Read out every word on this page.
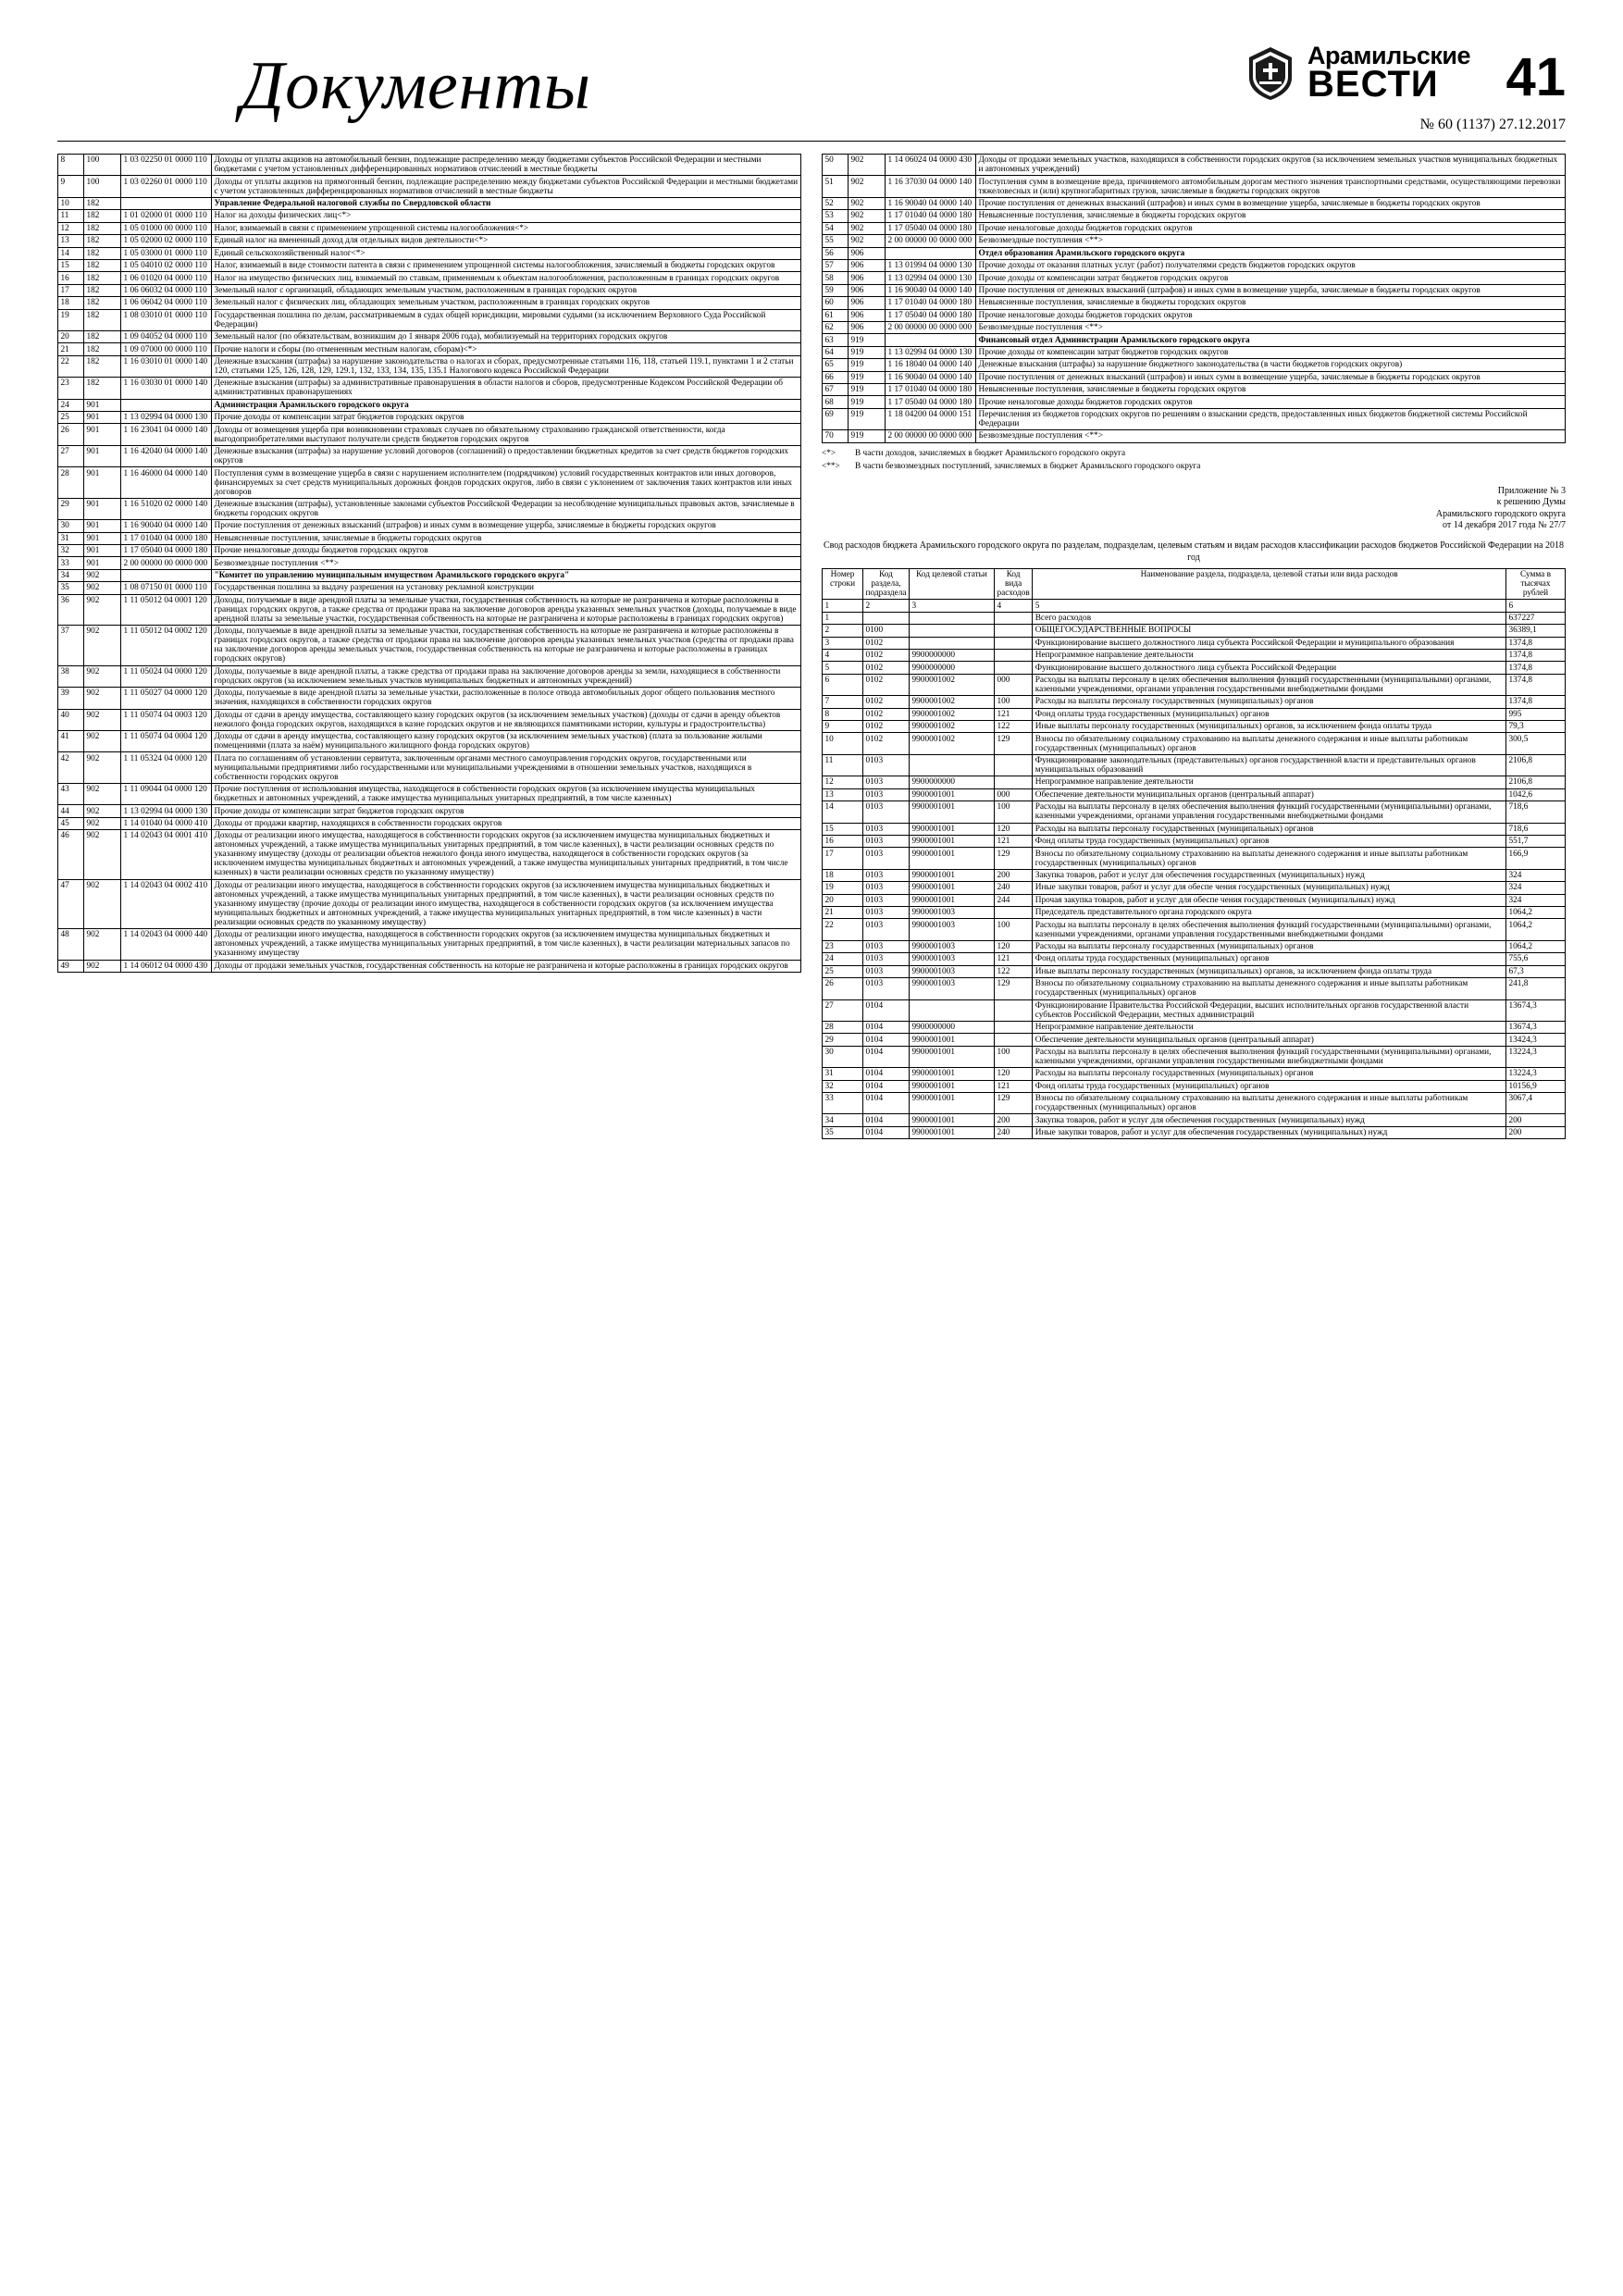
Документы	Арамильские
ВЕСТИ	41
№ 60 (1137) 27.12.2017
8	100	1 03 02250 01 0000 110	Доходы от уплаты акцизов на автомобильный бензин, подлежащие распределению между бюджетами субъектов Российской Федерации и местными бюджетами с учетом установленных дифференцированных нормативов отчислений в местные бюджеты
9	100	1 03 02260 01 0000 110	Доходы от уплаты акцизов на прямогонный бензин, подлежащие распределению между бюджетами субъектов Российской Федерации и местными бюджетами с учетом установленных дифференцированных нормативов отчислений в местные бюджеты
10	182		Управление Федеральной налоговой службы по Свердловской области
11	182	1 01 02000 01 0000 110	Налог на доходы физических лиц<*>
12	182	1 05 01000 00 0000 110	Налог, взимаемый в связи с применением упрощенной системы налогообложения<*>
13	182	1 05 02000 02 0000 110	Единый налог на вмененный доход для отдельных видов деятельности<*>
14	182	1 05 03000 01 0000 110	Единый сельскохозяйственный налог<*>
15	182	1 05 04010 02 0000 110	Налог, взимаемый в виде стоимости патента в связи с применением упрощенной системы налогообложения, зачисляемый в бюджеты городских округов
16	182	1 06 01020 04 0000 110	Налог на имущество физических лиц, взимаемый по ставкам, применяемым к объектам налогообложения, расположенным в границах городских округов
17	182	1 06 06032 04 0000 110	Земельный налог с организаций, обладающих земельным участком, расположенным в границах городских округов
18	182	1 06 06042 04 0000 110	Земельный налог с физических лиц, обладающих земельным участком, расположенным в границах городских округов
19	182	1 08 03010 01 0000 110	Государственная пошлина по делам, рассматриваемым в судах общей юрисдикции, мировыми судьями (за исключением Верховного Суда Российской Федерации)
20	182	1 09 04052 04 0000 110	Земельный налог (по обязательствам, возникшим до 1 января 2006 года), мобилизуемый на территориях городских округов
21	182	1 09 07000 00 0000 110	Прочие налоги и сборы (по отмененным местным налогам, сборам)<*>
22	182	1 16 03010 01 0000 140	Денежные взыскания (штрафы) за нарушение законодательства о налогах и сборах, предусмотренные статьями 116, 118, статьей 119.1, пунктами 1 и 2 статьи 120, статьями 125, 126, 128, 129, 129.1, 132, 133, 134, 135, 135.1 Налогового кодекса Российской Федерации
23	182	1 16 03030 01 0000 140	Денежные взыскания (штрафы) за административные правонарушения в области налогов и сборов, предусмотренные Кодексом Российской Федерации об административных правонарушениях
24	901		Администрация Арамильского городского округа
25	901	1 13 02994 04 0000 130	Прочие доходы от компенсации затрат бюджетов городских округов
26	901	1 16 23041 04 0000 140	Доходы от возмещения ущерба при возникновении страховых случаев по обязательному страхованию гражданской ответственности, когда выгодоприобретателями выступают получатели средств бюджетов городских округов
27	901	1 16 42040 04 0000 140	Денежные взыскания (штрафы) за нарушение условий договоров (соглашений) о предоставлении бюджетных кредитов за счет средств бюджетов городских округов
28	901	1 16 46000 04 0000 140	Поступления сумм в возмещение ущерба в связи с нарушением исполнителем (подрядчиком) условий государственных контрактов или иных договоров, финансируемых за счет средств муниципальных дорожных фондов городских округов, либо в связи с уклонением от заключения таких контрактов или иных договоров
29	901	1 16 51020 02 0000 140	Денежные взыскания (штрафы), установленные законами субъектов Российской Федерации за несоблюдение муниципальных правовых актов, зачисляемые в бюджеты городских округов
30	901	1 16 90040 04 0000 140	Прочие поступления от денежных взысканий (штрафов) и иных сумм в возмещение ущерба, зачисляемые в бюджеты городских округов
31	901	1 17 01040 04 0000 180	Невыясненные поступления, зачисляемые в бюджеты городских округов
32	901	1 17 05040 04 0000 180	Прочие неналоговые доходы бюджетов городских округов
33	901	2 00 00000 00 0000 000	Безвозмездные поступления <**>
34	902		"Комитет по управлению муниципальным имуществом Арамильского городского округа"
35	902	1 08 07150 01 0000 110	Государственная пошлина за выдачу разрешения на установку рекламной конструкции
36	902	1 11 05012 04 0001 120	Доходы, получаемые в виде арендной платы за земельные участки, государственная собственность на которые не разграничена и которые расположены в границах городских округов, а также средства от продажи права на заключение договоров аренды указанных земельных участков (доходы, получаемые в виде арендной платы за земельные участки, государственная собственность на которые не разграничена и которые расположены в границах городских округов)
37	902	1 11 05012 04 0002 120	Доходы, получаемые в виде арендной платы за земельные участки, государственная собственность на которые не разграничена и которые расположены в границах городских округов, а также средства от продажи права на заключение договоров аренды указанных земельных участков (средства от продажи права на заключение договоров аренды земельных участков, государственная собственность на которые не разграничена и которые расположены в границах городских округов)
38	902	1 11 05024 04 0000 120	Доходы, получаемые в виде арендной платы, а также средства от продажи права на заключение договоров аренды за земли, находящиеся в собственности городских округов (за исключением земельных участков муниципальных бюджетных и автономных учреждений)
39	902	1 11 05027 04 0000 120	Доходы, получаемые в виде арендной платы за земельные участки, расположенные в полосе отвода автомобильных дорог общего пользования местного значения, находящихся в собственности городских округов
40	902	1 11 05074 04 0003 120	Доходы от сдачи в аренду имущества, составляющего казну городских округов (за исключением земельных участков) (доходы от сдачи в аренду объектов нежилого фонда городских округов, находящихся в казне городских округов и не являющихся памятниками истории, культуры и градостроительства)
41	902	1 11 05074 04 0004 120	Доходы от сдачи в аренду имущества, составляющего казну городских округов (за исключением земельных участков) (плата за пользование жилыми помещениями (плата за наём) муниципального жилищного фонда городских округов)
42	902	1 11 05324 04 0000 120	Плата по соглашениям об установлении сервитута, заключенным органами местного самоуправления городских округов, государственными или муниципальными предприятиями либо государственными или муниципальными учреждениями в отношении земельных участков, находящихся в собственности городских округов
43	902	1 11 09044 04 0000 120	Прочие поступления от использования имущества, находящегося в собственности городских округов (за исключением имущества муниципальных бюджетных и автономных учреждений, а также имущества муниципальных унитарных предприятий, в том числе казенных)
44	902	1 13 02994 04 0000 130	Прочие доходы от компенсации затрат бюджетов городских округов
45	902	1 14 01040 04 0000 410	Доходы от продажи квартир, находящихся в собственности городских округов
46	902	1 14 02043 04 0001 410	Доходы от реализации иного имущества, находящегося в собственности городских округов (за исключением имущества муниципальных бюджетных и автономных учреждений, а также имущества муниципальных унитарных предприятий, в том числе казенных), в части реализации основных средств по указанному имуществу (доходы от реализации объектов нежилого фонда иного имущества, находящегося в собственности городских округов (за исключением имущества муниципальных бюджетных и автономных учреждений, а также имущества муниципальных унитарных предприятий, в том числе казенных) в части реализации основных средств по указанному имуществу)
47	902	1 14 02043 04 0002 410	Доходы от реализации иного имущества, находящегося в собственности городских округов (за исключением имущества муниципальных бюджетных и автономных учреждений, а также имущества муниципальных унитарных предприятий, в том числе казенных), в части реализации основных средств по указанному имуществу (прочие доходы от реализации иного имущества, находящегося в собственности городских округов (за исключением имущества муниципальных бюджетных и автономных учреждений, а также имущества муниципальных унитарных предприятий, в том числе казенных) в части реализации основных средств по указанному имуществу)
48	902	1 14 02043 04 0000 440	Доходы от реализации иного имущества, находящегося в собственности городских округов (за исключением имущества муниципальных бюджетных и автономных учреждений, а также имущества муниципальных унитарных предприятий, в том числе казенных), в части реализации материальных запасов по указанному имуществу
49	902	1 14 06012 04 0000 430	Доходы от продажи земельных участков, государственная собственность на которые не разграничена и которые расположены в границах городских округов
50	902	1 14 06024 04 0000 430	Доходы от продажи земельных участков, находящихся в собственности городских округов (за исключением земельных участков муниципальных бюджетных и автономных учреждений)
51	902	1 16 37030 04 0000 140	Поступления сумм в возмещение вреда, причиняемого автомобильным дорогам местного значения транспортными средствами, осуществляющими перевозки тяжеловесных и (или) крупногабаритных грузов, зачисляемые в бюджеты городских округов
52	902	1 16 90040 04 0000 140	Прочие поступления от денежных взысканий (штрафов) и иных сумм в возмещение ущерба, зачисляемые в бюджеты городских округов
53	902	1 17 01040 04 0000 180	Невыясненные поступления, зачисляемые в бюджеты городских округов
54	902	1 17 05040 04 0000 180	Прочие неналоговые доходы бюджетов городских округов
55	902	2 00 00000 00 0000 000	Безвозмездные поступления <**>
56	906		Отдел образования Арамильского городского округа
57	906	1 13 01994 04 0000 130	Прочие доходы от оказания платных услуг (работ) получателями средств бюджетов городских округов
58	906	1 13 02994 04 0000 130	Прочие доходы от компенсации затрат бюджетов городских округов
59	906	1 16 90040 04 0000 140	Прочие поступления от денежных взысканий (штрафов) и иных сумм в возмещение ущерба, зачисляемые в бюджеты городских округов
60	906	1 17 01040 04 0000 180	Невыясненные поступления, зачисляемые в бюджеты городских округов
61	906	1 17 05040 04 0000 180	Прочие неналоговые доходы бюджетов городских округов
62	906	2 00 00000 00 0000 000	Безвозмездные поступления <**>
63	919		Финансовый отдел Администрации Арамильского городского округа
64	919	1 13 02994 04 0000 130	Прочие доходы от компенсации затрат бюджетов городских округов
65	919	1 16 18040 04 0000 140	Денежные взыскания (штрафы) за нарушение бюджетного законодательства (в части бюджетов городских округов)
66	919	1 16 90040 04 0000 140	Прочие поступления от денежных взысканий (штрафов) и иных сумм в возмещение ущерба, зачисляемые в бюджеты городских округов
67	919	1 17 01040 04 0000 180	Невыясненные поступления, зачисляемые в бюджеты городских округов
68	919	1 17 05040 04 0000 180	Прочие неналоговые доходы бюджетов городских округов
69	919	1 18 04200 04 0000 151	Перечисления из бюджетов городских округов по решениям о взыскании средств, предоставленных иных бюджетов бюджетной системы Российской Федерации
70	919	2 00 00000 00 0000 000	Безвозмездные поступления <**>
<*>	В части доходов, зачисляемых в бюджет Арамильского городского округа
<**>	В части безвозмездных поступлений, зачисляемых в бюджет Арамильского городского округа
Приложение № 3
к решению Думы
Арамильского городского округа
от 14 декабря 2017 года № 27/7
Свод расходов бюджета Арамильского городского округа по разделам, подразделам, целевым статьям и видам расходов классификации расходов бюджетов Российской Федерации на 2018 год
Номер строки	Код раздела, подраздела	Код целевой статьи	Код вида расходов	Наименование раздела, подраздела, целевой статьи или вида расходов	Сумма в тысячах рублей
1	2	3	4	5	6
1				Всего расходов	637227
2	0100			ОБЩЕГОСУДАРСТВЕННЫЕ ВОПРОСЫ	36389,1
3	0102			Функционирование высшего должностного лица субъекта Российской Федерации и муниципального образования	1374,8
4	0102	9900000000		Непрограммное направление деятельности	1374,8
5	0102	9900000000		Функционирование высшего должностного лица субъекта Российской Федерации	1374,8
6	0102	9900001002	000	Расходы на выплаты персоналу в целях обеспечения выполнения функций государственными (муниципальными) органами, казенными учреждениями, органами управления государственными внебюджетными фондами	1374,8
7	0102	9900001002	100	Расходы на выплаты персоналу государственных (муниципальных) органов	1374,8
8	0102	9900001002	121	Фонд оплаты труда государственных (муниципальных) органов	995
9	0102	9900001002	122	Иные выплаты персоналу государственных (муниципальных) органов, за исключением фонда оплаты труда	79,3
10	0102	9900001002	129	Взносы по обязательному социальному страхованию на выплаты денежного содержания и иные выплаты работникам государственных (муниципальных) органов	300,5
11	0103			Функционирование законодательных (представительных) органов государственной власти и представительных органов муниципальных образований	2106,8
12	0103	9900000000		Непрограммное направление деятельности	2106,8
13	0103	9900001001	000	Обеспечение деятельности муниципальных органов (центральный аппарат)	1042,6
14	0103	9900001001	100	Расходы на выплаты персоналу в целях обеспечения выполнения функций государственными (муниципальными) органами, казенными учреждениями, органами управления государственными внебюджетными фондами	718,6
15	0103	9900001001	120	Расходы на выплаты персоналу государственных (муниципальных) органов	718,6
16	0103	9900001001	121	Фонд оплаты труда государственных (муниципальных) органов	551,7
17	0103	9900001001	129	Взносы по обязательному социальному страхованию на выплаты денежного содержания и иные выплаты работникам государственных (муниципальных) органов	166,9
18	0103	9900001001	200	Закупка товаров, работ и услуг для обеспечения государственных (муниципальных) нужд	324
19	0103	9900001001	240	Иные закупки товаров, работ и услуг для обеспе чения государственных (муниципальных) нужд	324
20	0103	9900001001	244	Прочая закупка товаров, работ и услуг для обеспе чения государственных (муниципальных) нужд	324
21	0103	9900001003		Председатель представительного органа городского округа	1064,2
22	0103	9900001003	100	Расходы на выплаты персоналу в целях обеспечения выполнения функций государственными (муниципальными) органами, казенными учреждениями, органами управления государственными внебюджетными фондами	1064,2
23	0103	9900001003	120	Расходы на выплаты персоналу государственных (муниципальных) органов	1064,2
24	0103	9900001003	121	Фонд оплаты труда государственных (муниципальных) органов	755,6
25	0103	9900001003	122	Иные выплаты персоналу государственных (муниципальных) органов, за исключением фонда оплаты труда	67,3
26	0103	9900001003	129	Взносы по обязательному социальному страхованию на выплаты денежного содержания и иные выплаты работникам государственных (муниципальных) органов	241,8
27	0104			Функционирование Правительства Российской Федерации, высших исполнительных органов государственной власти субъектов Российской Федерации, местных администраций	13674,3
28	0104	9900000000		Непрограммное направление деятельности	13674,3
29	0104	9900001001		Обеспечение деятельности муниципальных органов (центральный аппарат)	13424,3
30	0104	9900001001	100	Расходы на выплаты персоналу в целях обеспечения выполнения функций государственными (муниципальными) органами, казенными учреждениями, органами управления государственными внебюджетными фондами	13224,3
31	0104	9900001001	120	Расходы на выплаты персоналу государственных (муниципальных) органов	13224,3
32	0104	9900001001	121	Фонд оплаты труда государственных (муниципальных) органов	10156,9
33	0104	9900001001	129	Взносы по обязательному социальному страхованию на выплаты денежного содержания и иные выплаты работникам государственных (муниципальных) органов	3067,4
34	0104	9900001001	200	Закупка товаров, работ и услуг для обеспечения государственных (муниципальных) нужд	200
35	0104	9900001001	240	Иные закупки товаров, работ и услуг для обеспечения государственных (муниципальных) нужд	200
